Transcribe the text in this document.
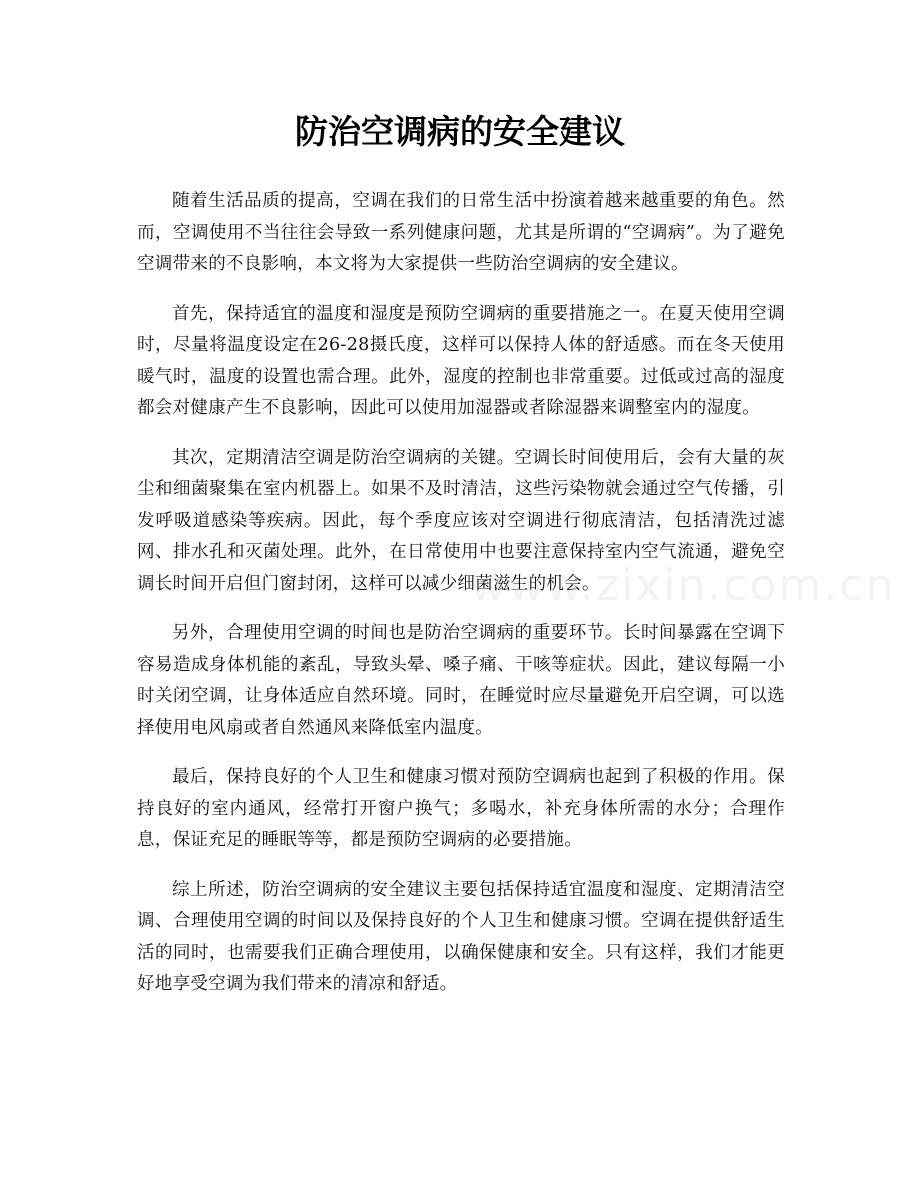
防治空调病的安全建议

随着生活品质的提高，空调在我们的日常生活中扮演着越来越重要的角色。然而，空调使用不当往往会导致一系列健康问题，尤其是所谓的“空调病”。为了避免空调带来的不良影响，本文将为大家提供一些防治空调病的安全建议。

首先，保持适宜的温度和湿度是预防空调病的重要措施之一。在夏天使用空调时，尽量将温度设定在26-28摄氏度，这样可以保持人体的舒适感。而在冬天使用暖气时，温度的设置也需合理。此外，湿度的控制也非常重要。过低或过高的湿度都会对健康产生不良影响，因此可以使用加湿器或者除湿器来调整室内的湿度。

其次，定期清洁空调是防治空调病的关键。空调长时间使用后，会有大量的灰尘和细菌聚集在室内机器上。如果不及时清洁，这些污染物就会通过空气传播，引发呼吸道感染等疾病。因此，每个季度应该对空调进行彻底清洁，包括清洗过滤网、排水孔和灭菌处理。此外，在日常使用中也要注意保持室内空气流通，避免空调长时间开启但门窗封闭，这样可以减少细菌滋生的机会。

另外，合理使用空调的时间也是防治空调病的重要环节。长时间暴露在空调下容易造成身体机能的紊乱，导致头晕、嗓子痛、干咳等症状。因此，建议每隔一小时关闭空调，让身体适应自然环境。同时，在睡觉时应尽量避免开启空调，可以选择使用电风扇或者自然通风来降低室内温度。

最后，保持良好的个人卫生和健康习惯对预防空调病也起到了积极的作用。保持良好的室内通风，经常打开窗户换气；多喝水，补充身体所需的水分；合理作息，保证充足的睡眠等等，都是预防空调病的必要措施。

综上所述，防治空调病的安全建议主要包括保持适宜温度和湿度、定期清洁空调、合理使用空调的时间以及保持良好的个人卫生和健康习惯。空调在提供舒适生活的同时，也需要我们正确合理使用，以确保健康和安全。只有这样，我们才能更好地享受空调为我们带来的清凉和舒适。

www.zixin.com.cn
